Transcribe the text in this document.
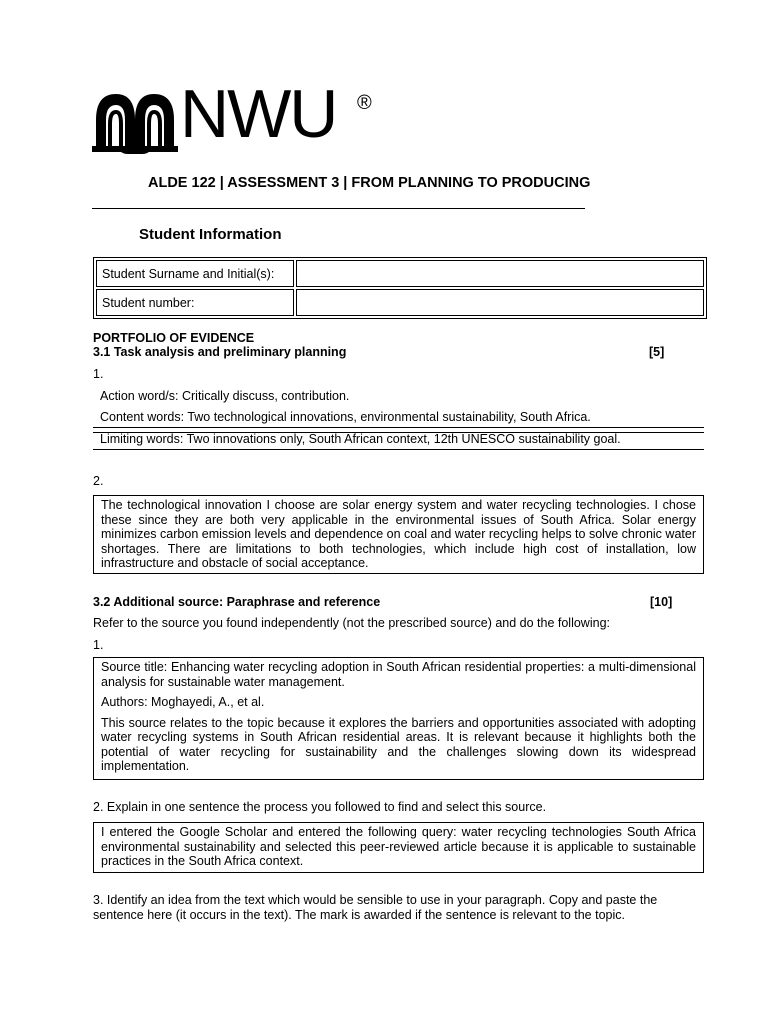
NWU ®
ALDE 122 | ASSESSMENT 3 | FROM PLANNING TO PRODUCING
Student Information
Student Surname and Initial(s):	
Student number:	
PORTFOLIO OF EVIDENCE
3.1 Task analysis and preliminary planning	[5]
1.
Action word/s: Critically discuss, contribution.
Content words: Two technological innovations, environmental sustainability, South Africa.
Limiting words: Two innovations only, South African context, 12th UNESCO sustainability goal.
2.

The technological innovation I choose are solar energy system and water recycling technologies. I chose these since they are both very applicable in the environmental issues of South Africa. Solar energy minimizes carbon emission levels and dependence on coal and water recycling helps to solve chronic water shortages. There are limitations to both technologies, which include high cost of installation, low infrastructure and obstacle of social acceptance.

3.2 Additional source: Paraphrase and reference	[10]
Refer to the source you found independently (not the prescribed source) and do the following:
1.

Source title: Enhancing water recycling adoption in South African residential properties: a multi-dimensional analysis for sustainable water management.

Authors: Moghayedi, A., et al.

This source relates to the topic because it explores the barriers and opportunities associated with adopting water recycling systems in South African residential areas. It is relevant because it highlights both the potential of water recycling for sustainability and the challenges slowing down its widespread implementation.

2. Explain in one sentence the process you followed to find and select this source.

I entered the Google Scholar and entered the following query: water recycling technologies South Africa environmental sustainability and selected this peer-reviewed article because it is applicable to sustainable practices in the South Africa context.

3. Identify an idea from the text which would be sensible to use in your paragraph. Copy and paste the sentence here (it occurs in the text). The mark is awarded if the sentence is relevant to the topic.
